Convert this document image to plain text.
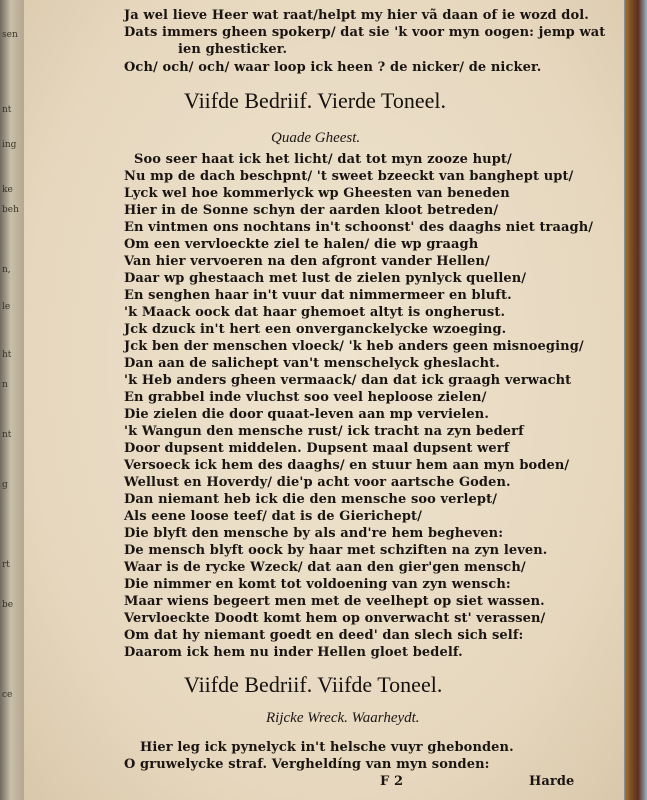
sen
nt
ing
ke
beh
n,
le
ht
n
nt
g
rt
be
ce
Ja wel lieve Heer wat raat/helpt my hier vã daan of ie wozd dol.
Dats immers gheen spokerp/ dat sie 'k voor myn oogen: jemp wat
ien ghesticker.
Och/ och/ och/ waar loop ick heen ? de nicker/ de nicker.
Viifde Bedriif. Vierde Toneel.
Quade Gheest.
Soo seer haat ick het licht/ dat tot myn zooze hupt/
Nu mp de dach beschpnt/ 't sweet bzeeckt van banghept upt/
Lyck wel hoe kommerlyck wp Gheesten van beneden
Hier in de Sonne schyn der aarden kloot betreden/
En vintmen ons nochtans in't schoonst' des daaghs niet traagh/
Om een vervloeckte ziel te halen/ die wp graagh
Van hier vervoeren na den afgront vander Hellen/
Daar wp ghestaach met lust de zielen pynlyck quellen/
En senghen haar in't vuur dat nimmermeer en bluft.
'k Maack oock dat haar ghemoet altyt is ongherust.
Jck dzuck in't hert een onverganckelycke wzoeging.
Jck ben der menschen vloeck/ 'k heb anders geen misnoeging/
Dan aan de salichept van't menschelyck gheslacht.
'k Heb anders gheen vermaack/ dan dat ick graagh verwacht
En grabbel inde vluchst soo veel heploose zielen/
Die zielen die door quaat-leven aan mp vervielen.
'k Wangun den mensche rust/ ick tracht na zyn bederf
Door dupsent middelen. Dupsent maal dupsent werf
Versoeck ick hem des daaghs/ en stuur hem aan myn boden/
Wellust en Hoverdy/ die'p acht voor aartsche Goden.
Dan niemant heb ick die den mensche soo verlept/
Als eene loose teef/ dat is de Gierichept/
Die blyft den mensche by als and're hem begheven:
De mensch blyft oock by haar met schziften na zyn leven.
Waar is de rycke Wzeck/ dat aan den gier'gen mensch/
Die nimmer en komt tot voldoening van zyn wensch:
Maar wiens begeert men met de veelhept op siet wassen.
Vervloeckte Doodt komt hem op onverwacht st' verassen/
Om dat hy niemant goedt en deed' dan slech sich self:
Daarom ick hem nu inder Hellen gloet bedelf.
Viifde Bedriif. Viifde Toneel.
Rijcke Wreck. Waarheydt.
Hier leg ick pynelyck in't helsche vuyr ghebonden.
O gruwelycke straf. Vergheldíng van myn sonden:
F 2	Harde
